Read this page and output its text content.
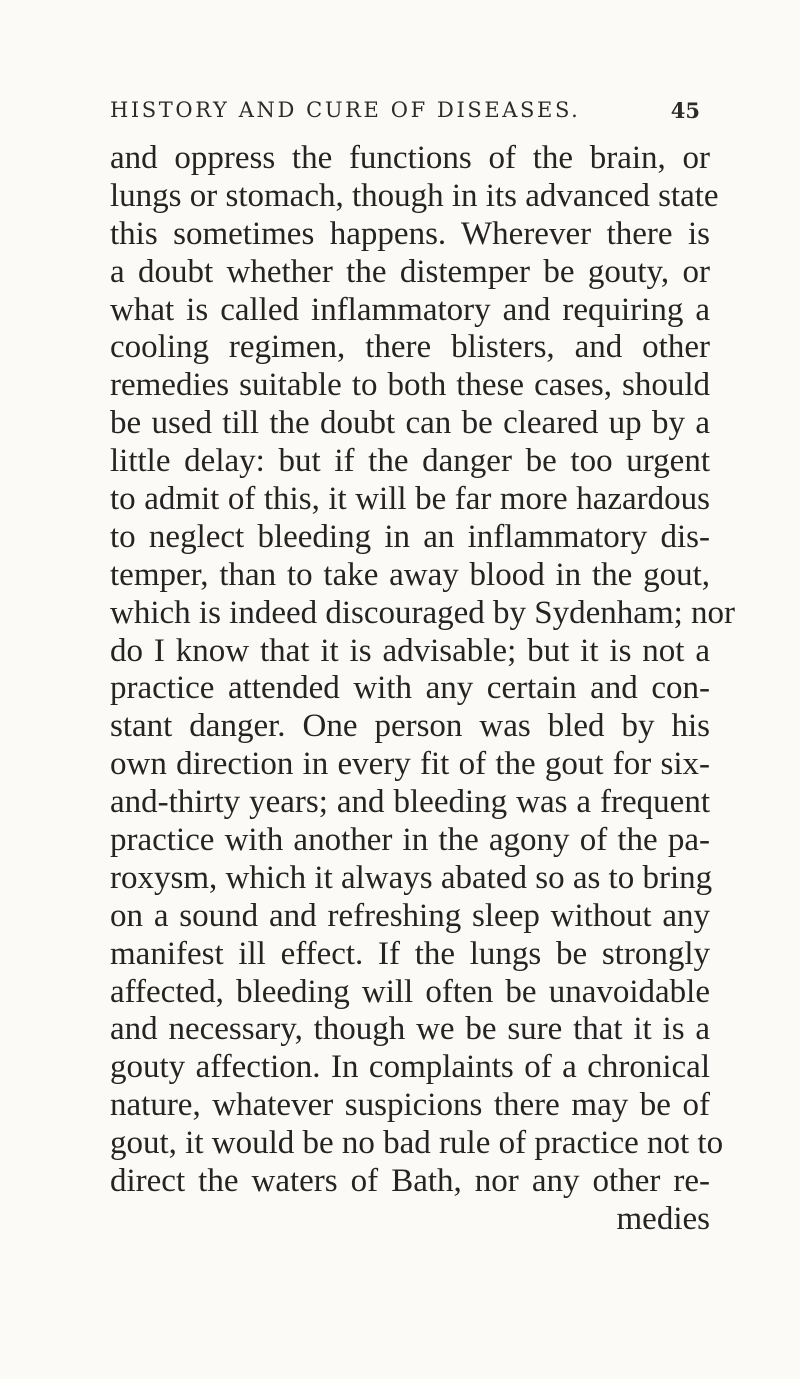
HISTORY AND CURE OF DISEASES.	45
and oppress the functions of the brain, or
lungs or stomach, though in its advanced state
this sometimes happens. Wherever there is
a doubt whether the distemper be gouty, or
what is called inflammatory and requiring a
cooling regimen, there blisters, and other
remedies suitable to both these cases, should
be used till the doubt can be cleared up by a
little delay: but if the danger be too urgent
to admit of this, it will be far more hazardous
to neglect bleeding in an inflammatory dis-
temper, than to take away blood in the gout,
which is indeed discouraged by Sydenham; nor
do I know that it is advisable; but it is not a
practice attended with any certain and con-
stant danger. One person was bled by his
own direction in every fit of the gout for six-
and-thirty years; and bleeding was a frequent
practice with another in the agony of the pa-
roxysm, which it always abated so as to bring
on a sound and refreshing sleep without any
manifest ill effect. If the lungs be strongly
affected, bleeding will often be unavoidable
and necessary, though we be sure that it is a
gouty affection. In complaints of a chronical
nature, whatever suspicions there may be of
gout, it would be no bad rule of practice not to
direct the waters of Bath, nor any other re-
medies
